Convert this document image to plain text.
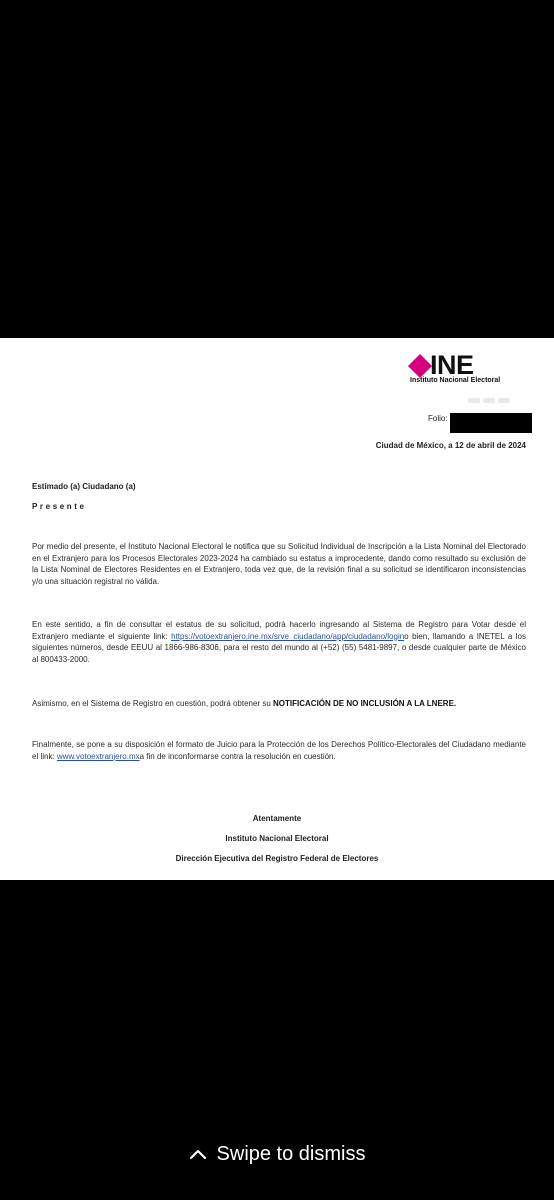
INE
Instituto Nacional Electoral
Folio:
Ciudad de México, a 12 de abril de 2024
Estimado (a) Ciudadano (a)
Presente
Por medio del presente, el Instituto Nacional Electoral le notifica que su Solicitud Individual de Inscripción a la Lista Nominal del Electorado en el Extranjero para los Procesos Electorales 2023-2024 ha cambiado su estatus a improcedente, dando como resultado su exclusión de la Lista Nominal de Electores Residentes en el Extranjero, toda vez que, de la revisión final a su solicitud se identificaron inconsistencias y/o una situación registral no válida.
En este sentido, a fin de consultar el estatus de su solicitud, podrá hacerlo ingresando al Sistema de Registro para Votar desde el Extranjero mediante el siguiente link: https://votoextranjero.ine.mx/srve_ciudadano/app/ciudadano/logino bien, llamando a INETEL a los siguientes números, desde EEUU al 1866-986-8306, para el resto del mundo al (+52) (55) 5481-9897, o desde cualquier parte de México al 800433-2000.
Asimismo, en el Sistema de Registro en cuestión, podrá obtener su NOTIFICACIÓN DE NO INCLUSIÓN A LA LNERE.
Finalmente, se pone a su disposición el formato de Juicio para la Protección de los Derechos Político-Electorales del Ciudadano mediante el link: www.votoextranjero.mxa fin de inconformarse contra la resolución en cuestión.
Atentamente
Instituto Nacional Electoral
Dirección Ejecutiva del Registro Federal de Electores
Swipe to dismiss
